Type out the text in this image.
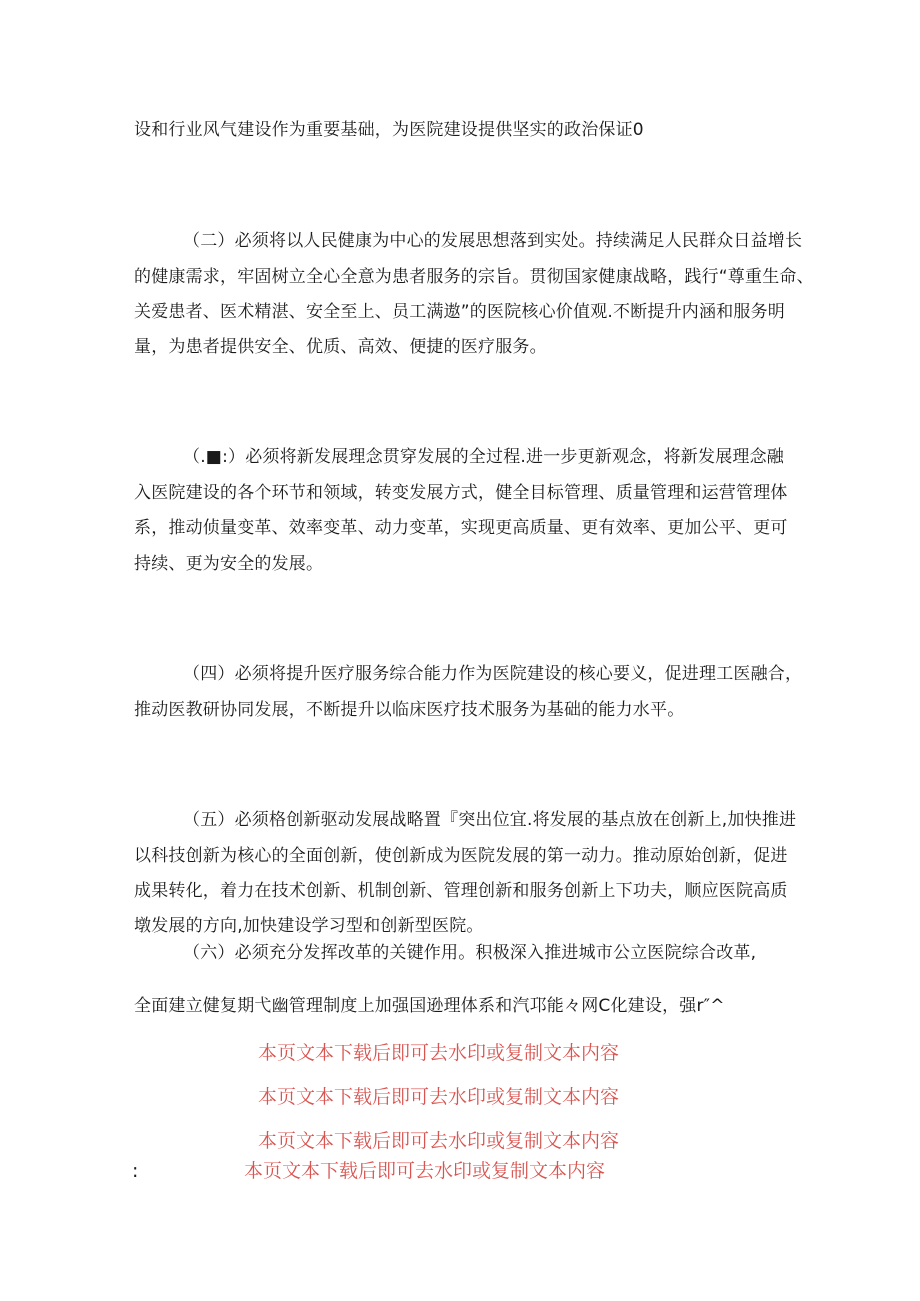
设和行业风气建设作为重要基础，为医院建设提供坚实的政治保证0
（二）必须将以人民健康为中心的发展思想落到实处。持续满足人民群众日益增长
的健康需求，牢固树立全心全意为患者服务的宗旨。贯彻国家健康战略，践行“尊重生命、
关爱患者、医术精湛、安全至上、员工满遨”的医院核心价值观.不断提升内涵和服务明
量，为患者提供安全、优质、高效、便捷的医疗服务。
（.■:）必须将新发展理念贯穿发展的全过程.进一步更新观念，将新发展理念融
入医院建设的各个环节和领域，转变发展方式，健全目标管理、质量管理和运营管理体
系，推动侦量变革、效率变革、动力变革，实现更高质量、更有效率、更加公平、更可
持续、更为安全的发展。
（四）必须将提升医疗服务综合能力作为医院建设的核心要义，促进理工医融合，
推动医教研协同发展，不断提升以临床医疗技术服务为基础的能力水平。
（五）必须格创新驱动发展战略置『突出位宜.将发展的基点放在创新上,加快推进
以科技创新为核心的全面创新，使创新成为医院发展的第一动力。推动原始创新，促进
成果转化，着力在技术创新、机制创新、管理创新和服务创新上下功夫，顺应医院高质
墩发展的方向,加快建设学习型和创新型医院。
（六）必须充分发挥改革的关键作用。积极深入推进城市公立医院综合改革,
全面建立健复期弋幽管理制度上加强国逊理体系和汽邛能々网C化建设，强r″^
本页文本下载后即可去水印或复制文本内容
本页文本下载后即可去水印或复制文本内容
本页文本下载后即可去水印或复制文本内容
:	本页文本下载后即可去水印或复制文本内容
